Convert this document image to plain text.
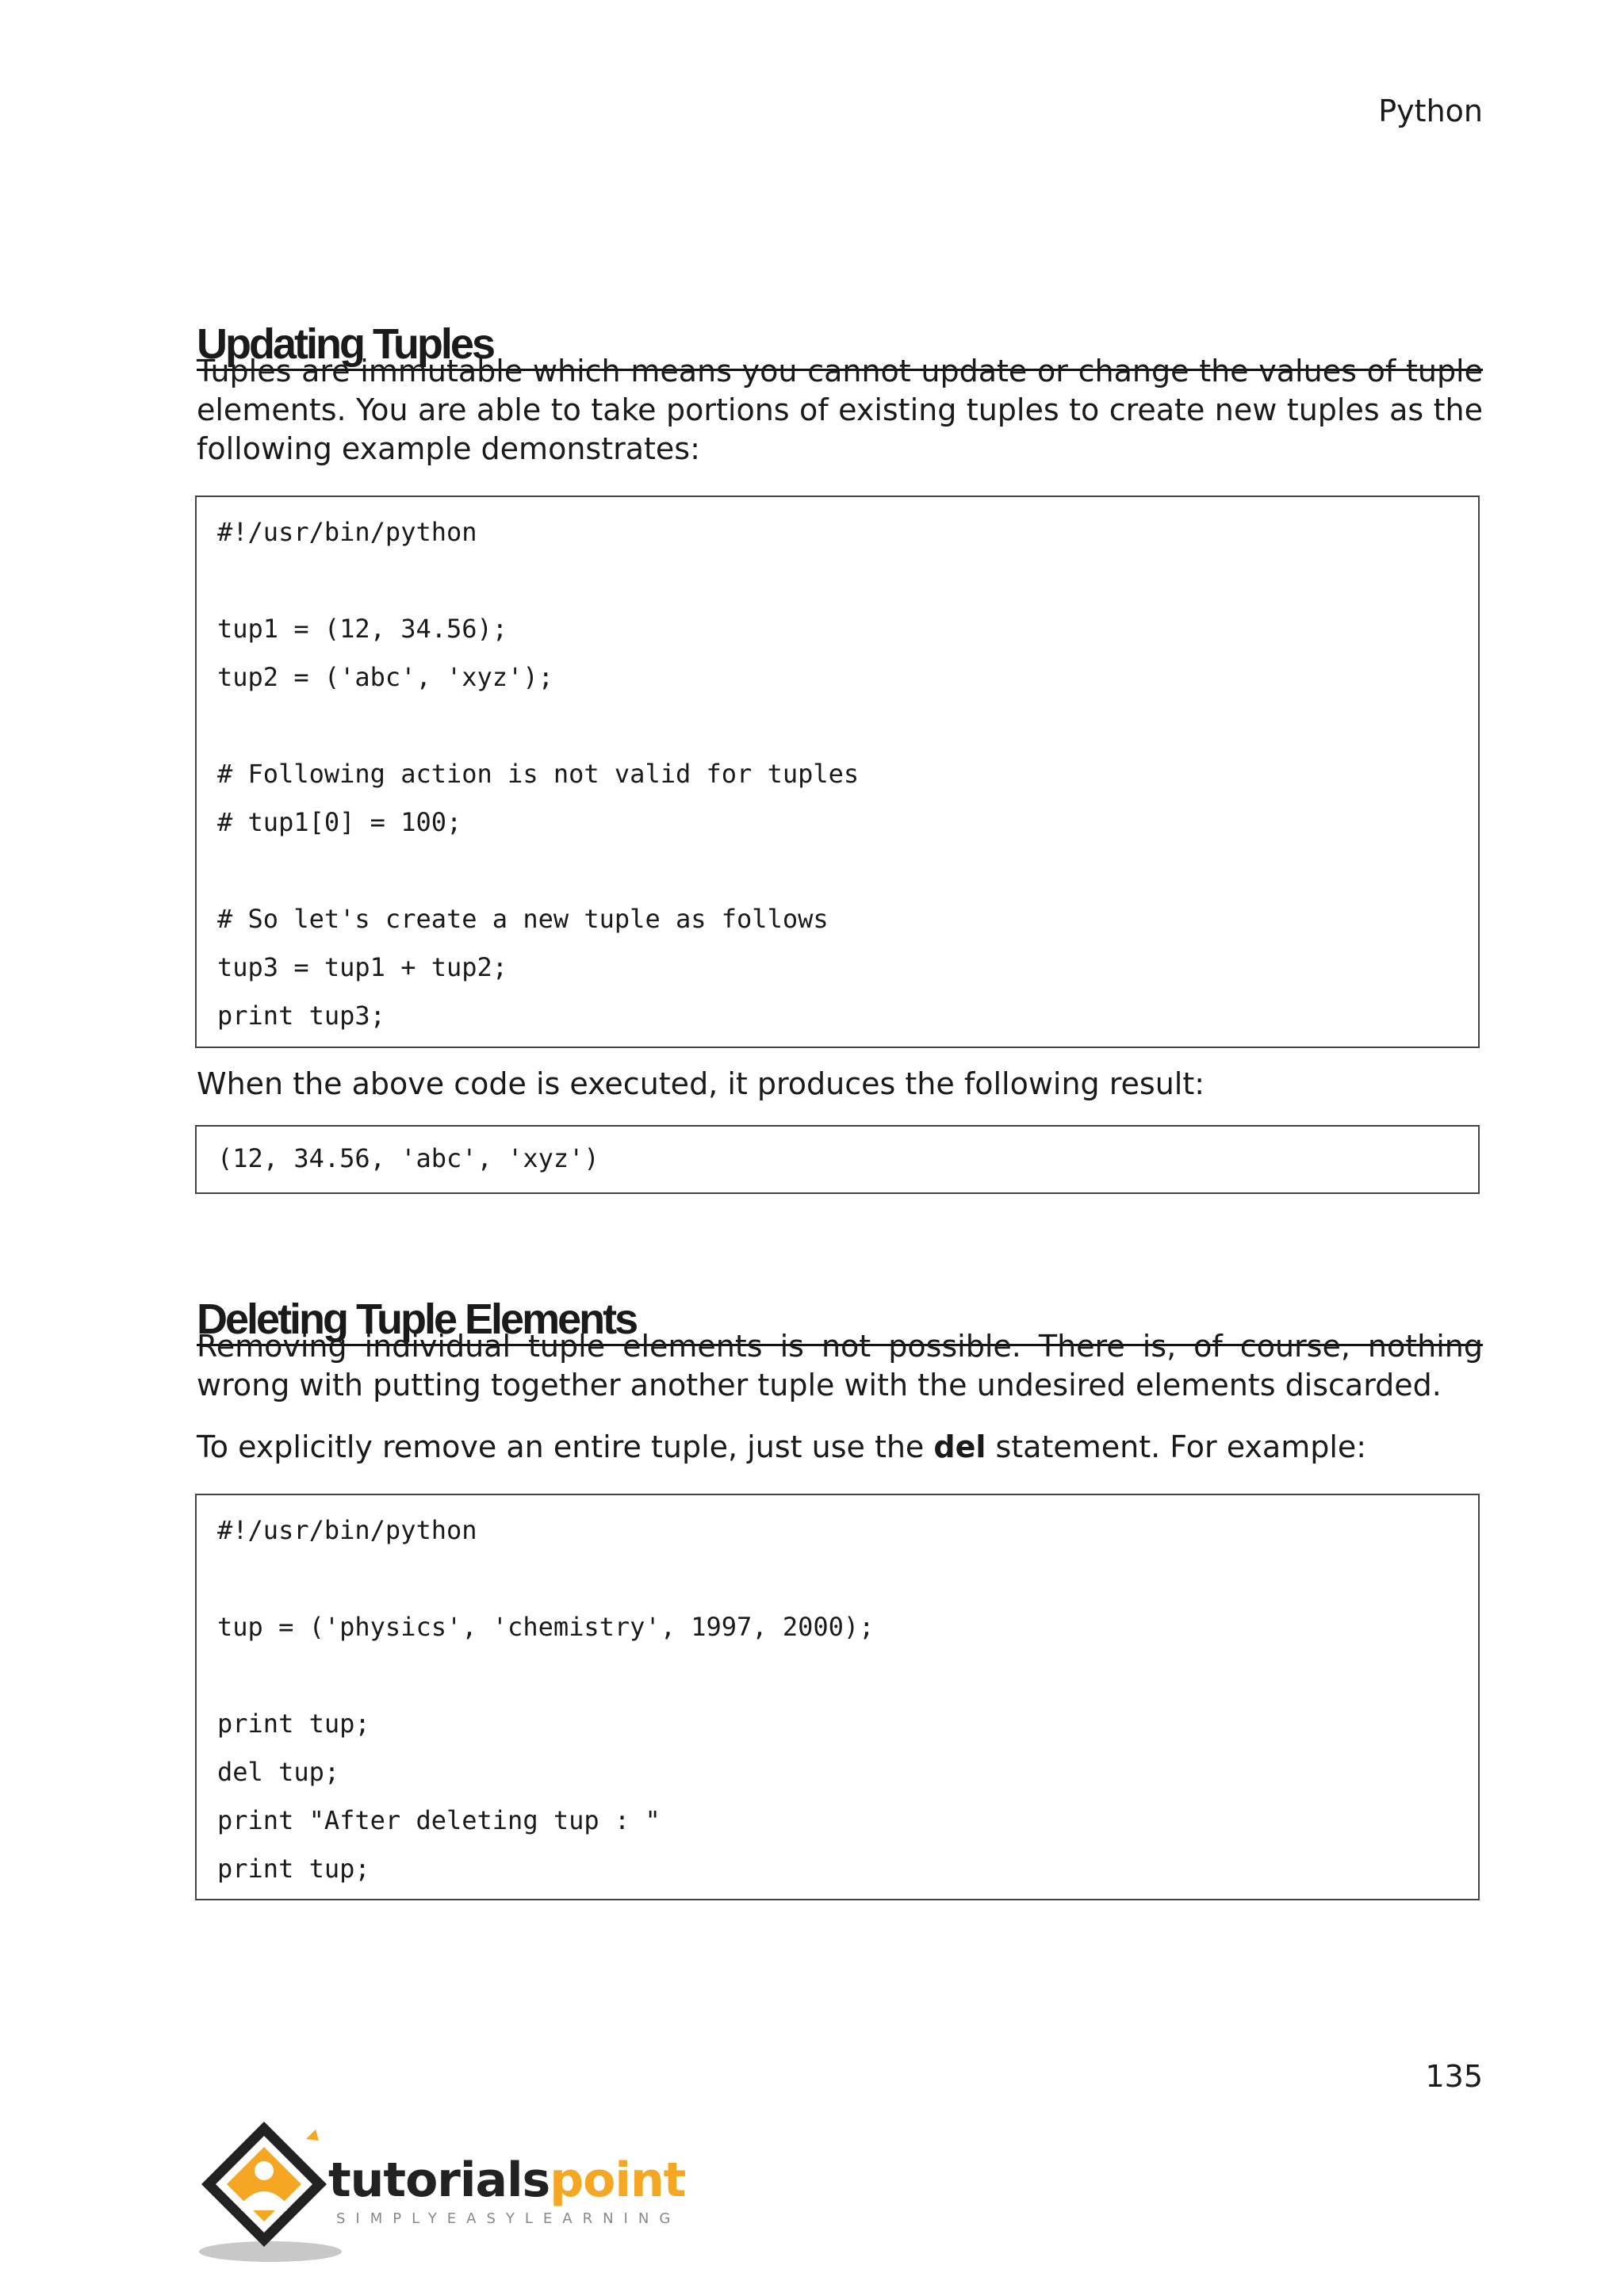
Python
Updating Tuples

Tuples are immutable which means you cannot update or change the values of tuple elements. You are able to take portions of existing tuples to create new tuples as the following example demonstrates:

#!/usr/bin/python
tup1 = (12, 34.56);
tup2 = ('abc', 'xyz');
# Following action is not valid for tuples
# tup1[0] = 100;
# So let's create a new tuple as follows
tup3 = tup1 + tup2;
print tup3;

When the above code is executed, it produces the following result:

(12, 34.56, 'abc', 'xyz')
Deleting Tuple Elements

Removing individual tuple elements is not possible. There is, of course, nothing wrong with putting together another tuple with the undesired elements discarded.

To explicitly remove an entire tuple, just use the del statement. For example:

#!/usr/bin/python
tup = ('physics', 'chemistry', 1997, 2000);
print tup;
del tup;
print "After deleting tup : "
print tup;
135
tutorialspoint
SIMPLYEASYLEARNING
